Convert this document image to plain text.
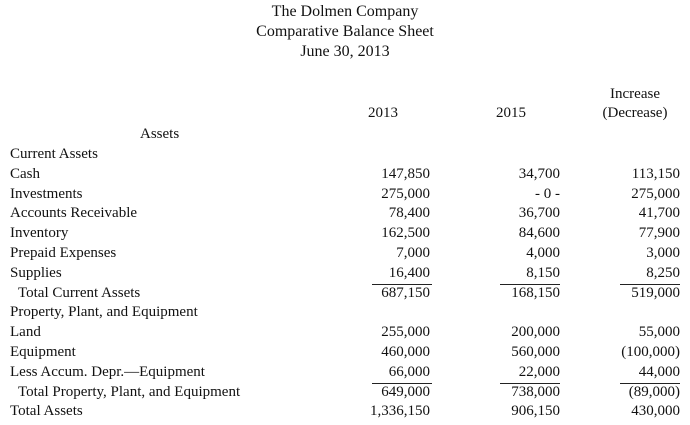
The Dolmen Company
Comparative Balance Sheet
June 30, 2013
2013	2015
Increase
(Decrease)
Assets
Current Assets
Cash	147,850	34,700	113,150
Investments	275,000	- 0 -	275,000
Accounts Receivable	78,400	36,700	41,700
Inventory	162,500	84,600	77,900
Prepaid Expenses	7,000	4,000	3,000
Supplies	16,400	8,150	8,250
Total Current Assets	687,150	168,150	519,000
Property, Plant, and Equipment
Land	255,000	200,000	55,000
Equipment	460,000	560,000	(100,000)
Less Accum. Depr.—Equipment	66,000	22,000	44,000
Total Property, Plant, and Equipment	649,000	738,000	(89,000)
Total Assets	1,336,150	906,150	430,000
